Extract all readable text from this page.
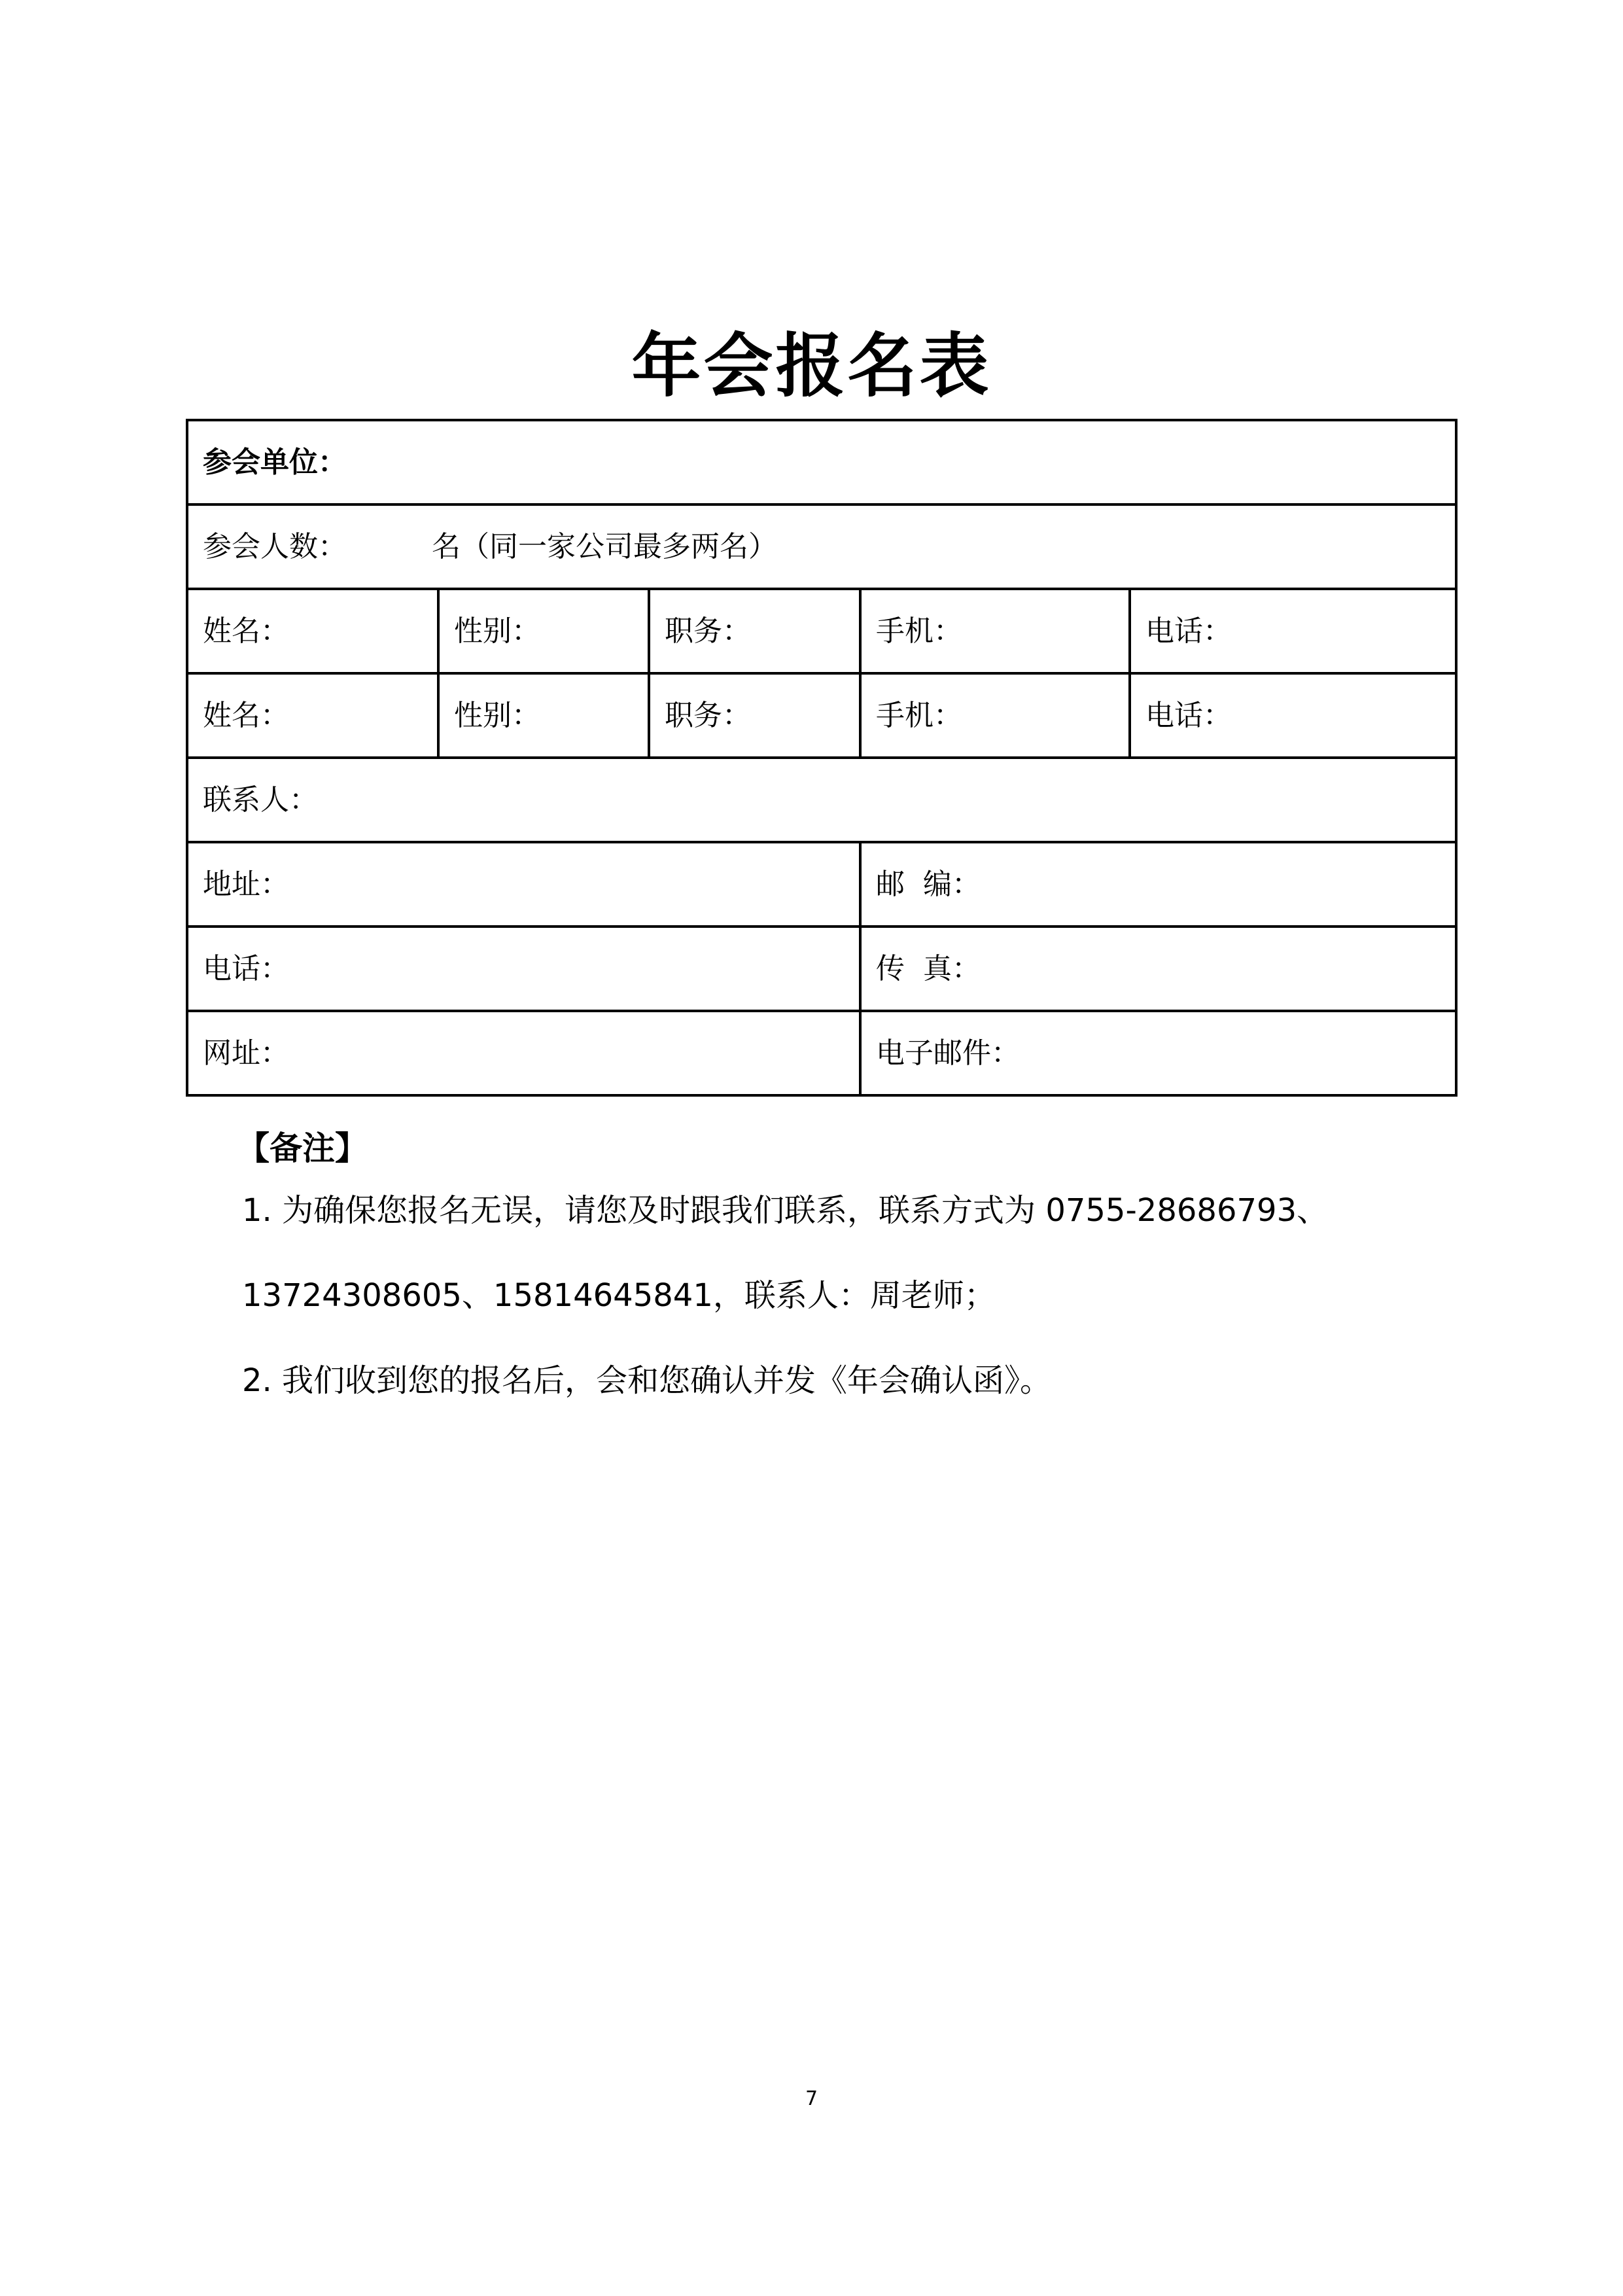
年会报名表
参会单位：				
参会人数： 名（同一家公司最多两名）				
姓名：	性别：	职务：	手机：	电话：
姓名：	性别：	职务：	手机：	电话：
联系人：				
地址：			邮  编：	
电话：			传  真：	
网址：			电子邮件：	
【备注】
1. 为确保您报名无误，请您及时跟我们联系，联系方式为 0755-28686793、
13724308605、15814645841，联系人：周老师；
2. 我们收到您的报名后，会和您确认并发《年会确认函》。
7
